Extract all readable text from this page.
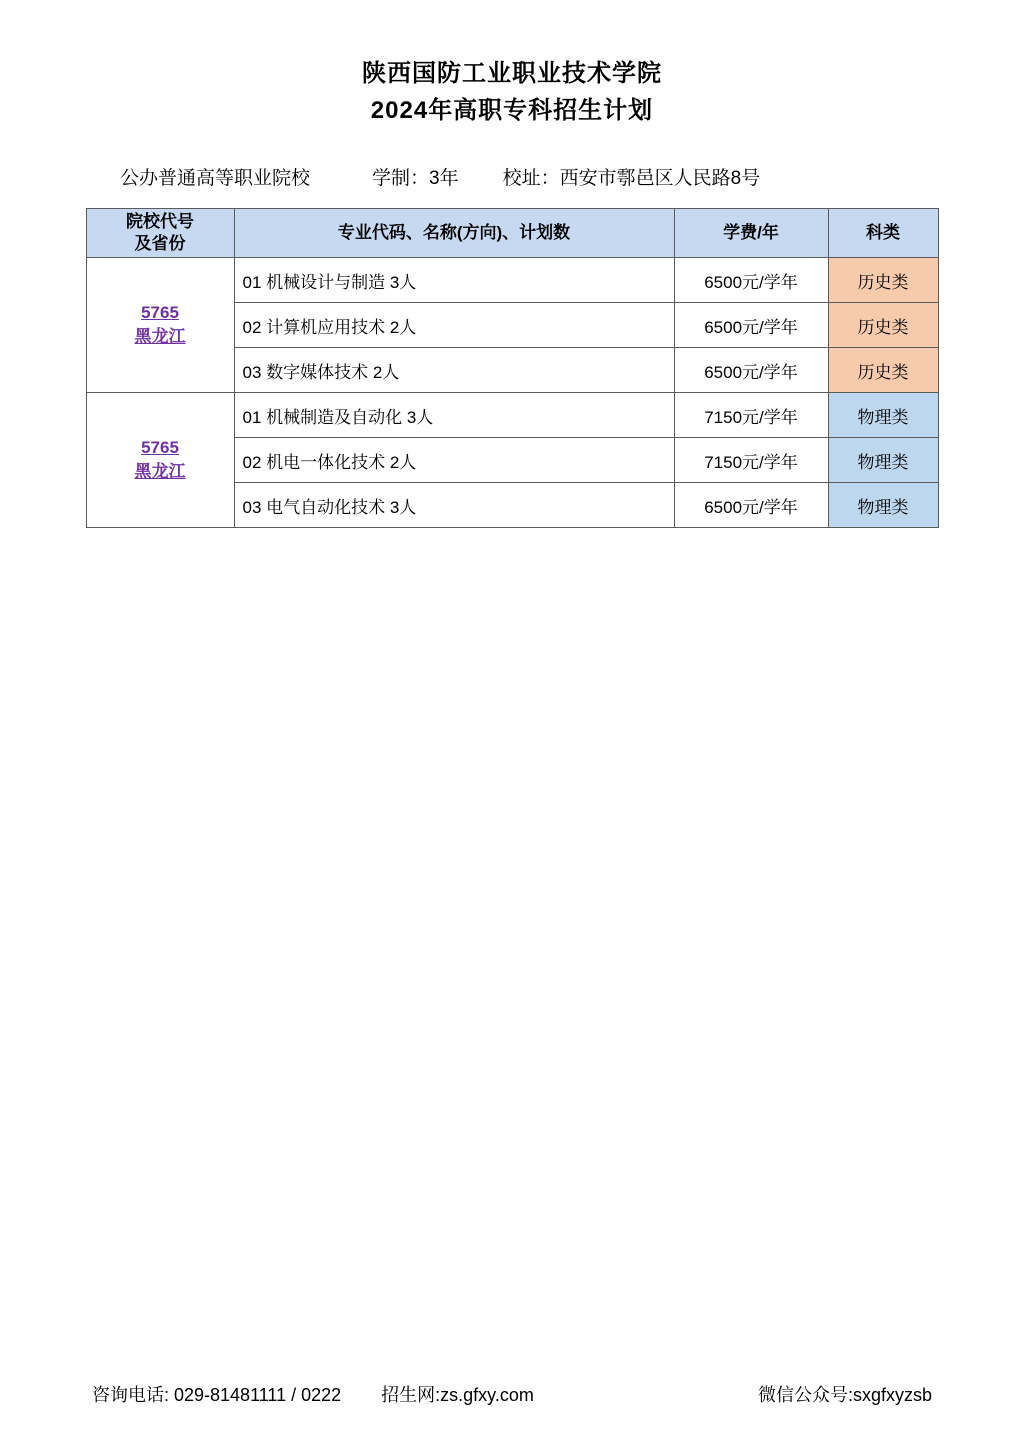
陕西国防工业职业技术学院
2024年高职专科招生计划
公办普通高等职业院校	学制：3年 校址：西安市鄠邑区人民路8号
院校代号
及省份	专业代码、名称(方向)、计划数	学费/年	科类

5765
黑龙江	01 机械设计与制造 3人	6500元/学年	历史类
	02 计算机应用技术 2人	6500元/学年	历史类
	03 数字媒体技术 2人	6500元/学年	历史类

5765
黑龙江	01 机械制造及自动化 3人	7150元/学年	物理类
	02 机电一体化技术 2人	7150元/学年	物理类
	03 电气自动化技术 3人	6500元/学年	物理类
咨询电话: 029-81481111 / 0222 招生网:zs.gfxy.com	微信公众号:sxgfxyzsb
